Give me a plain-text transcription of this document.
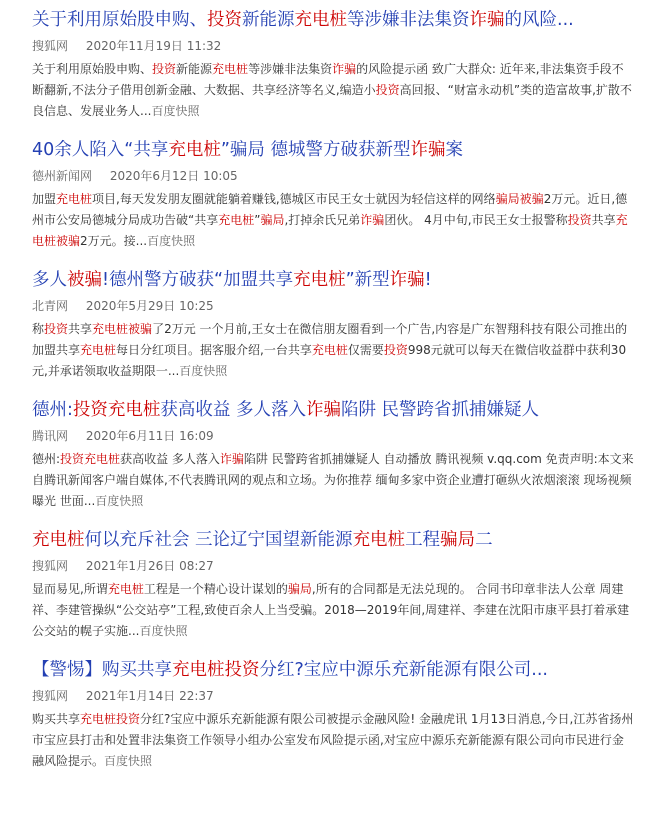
关于利用原始股申购、投资新能源充电桩等涉嫌非法集资诈骗的风险...
搜狐网 2020年11月19日 11:32

关于利用原始股申购、投资新能源充电桩等涉嫌非法集资诈骗的风险提示函 致广大群众: 近年来,非法集资手段不断翻新,不法分子借用创新金融、大数据、共享经济等名义,编造小投资高回报、“财富永动机”类的造富故事,扩散不良信息、发展业务人...百度快照

40余人陷入“共享充电桩”骗局 德城警方破获新型诈骗案
德州新闻网 2020年6月12日 10:05

加盟充电桩项目,每天发发朋友圈就能躺着赚钱,德城区市民王女士就因为轻信这样的网络骗局被骗2万元。近日,德州市公安局德城分局成功告破“共享充电桩”骗局,打掉余氏兄弟诈骗团伙。 4月中旬,市民王女士报警称投资共享充电桩被骗2万元。接...百度快照

多人被骗!德州警方破获“加盟共享充电桩”新型诈骗!
北青网 2020年5月29日 10:25

称投资共享充电桩被骗了2万元 一个月前,王女士在微信朋友圈看到一个广告,内容是广东智翔科技有限公司推出的加盟共享充电桩每日分红项目。据客服介绍,一台共享充电桩仅需要投资998元就可以每天在微信收益群中获利30元,并承诺领取收益期限一...百度快照

德州:投资充电桩获高收益 多人落入诈骗陷阱 民警跨省抓捕嫌疑人
腾讯网 2020年6月11日 16:09

德州:投资充电桩获高收益 多人落入诈骗陷阱 民警跨省抓捕嫌疑人 自动播放 腾讯视频 v.qq.com 免责声明:本文来自腾讯新闻客户端自媒体,不代表腾讯网的观点和立场。为你推荐 缅甸多家中资企业遭打砸纵火浓烟滚滚 现场视频曝光 世面...百度快照

充电桩何以充斥社会 三论辽宁国望新能源充电桩工程骗局二
搜狐网 2021年1月26日 08:27

显而易见,所谓充电桩工程是一个精心设计谋划的骗局,所有的合同都是无法兑现的。 合同书印章非法人公章 周建祥、李建管操纵“公交站亭”工程,致使百余人上当受骗。2018—2019年间,周建祥、李建在沈阳市康平县打着承建公交站的幌子实施...百度快照

【警惕】购买共享充电桩投资分红?宝应中源乐充新能源有限公司...
搜狐网 2021年1月14日 22:37

购买共享充电桩投资分红?宝应中源乐充新能源有限公司被提示金融风险! 金融虎讯 1月13日消息,今日,江苏省扬州市宝应县打击和处置非法集资工作领导小组办公室发布风险提示函,对宝应中源乐充新能源有限公司向市民进行金融风险提示。百度快照
